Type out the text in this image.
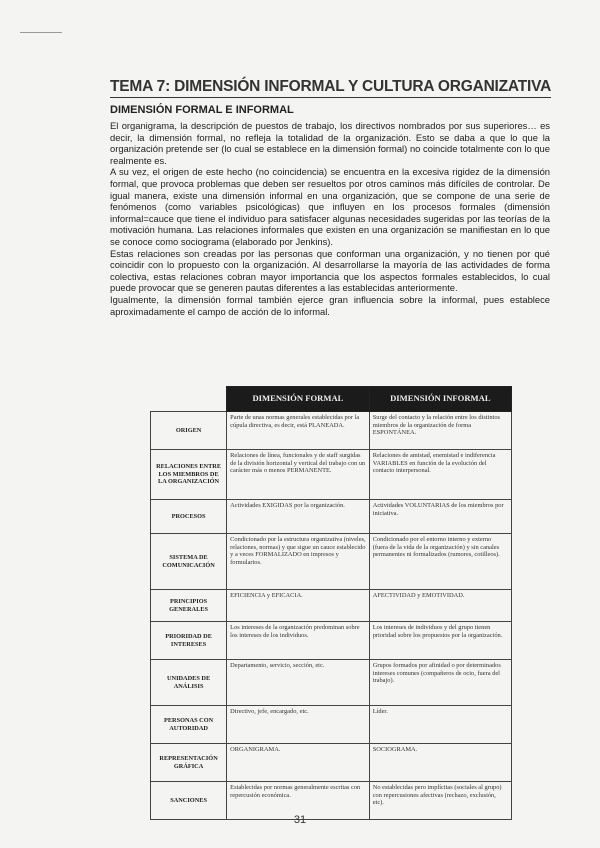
TEMA 7: DIMENSIÓN INFORMAL Y CULTURA ORGANIZATIVA
DIMENSIÓN FORMAL E INFORMAL

El organigrama, la descripción de puestos de trabajo, los directivos nombrados por sus superiores… es decir, la dimensión formal, no refleja la totalidad de la organización. Esto se daba a que lo que la organización pretende ser (lo cual se establece en la dimensión formal) no coincide totalmente con lo que realmente es.

A su vez, el origen de este hecho (no coincidencia) se encuentra en la excesiva rigidez de la dimensión formal, que provoca problemas que deben ser resueltos por otros caminos más difíciles de controlar. De igual manera, existe una dimensión informal en una organización, que se compone de una serie de fenómenos (como variables psicológicas) que influyen en los procesos formales (dimensión informal=cauce que tiene el individuo para satisfacer algunas necesidades sugeridas por las teorías de la motivación humana. Las relaciones informales que existen en una organización se manifiestan en lo que se conoce como sociograma (elaborado por Jenkins).

Estas relaciones son creadas por las personas que conforman una organización, y no tienen por qué coincidir con lo propuesto con la organización. Al desarrollarse la mayoría de las actividades de forma colectiva, estas relaciones cobran mayor importancia que los aspectos formales establecidos, lo cual puede provocar que se generen pautas diferentes a las establecidas anteriormente.

Igualmente, la dimensión formal también ejerce gran influencia sobre la informal, pues establece aproximadamente el campo de acción de lo informal.

	DIMENSIÓN FORMAL	DIMENSIÓN INFORMAL
ORIGEN	Parte de unas normas generales establecidas por la cúpula directiva, es decir, está PLANEADA.	Surge del contacto y la relación entre los distintos miembros de la organización de forma ESPONTÁNEA.
RELACIONES ENTRE LOS MIEMBROS DE LA ORGANIZACIÓN	Relaciones de línea, funcionales y de staff surgidas de la división horizontal y vertical del trabajo con un carácter más o menos PERMANENTE.	Relaciones de amistad, enemistad e indiferencia VARIABLES en función de la evolución del contacto interpersonal.
PROCESOS	Actividades EXIGIDAS por la organización.	Actividades VOLUNTARIAS de los miembros por iniciativa.
SISTEMA DE COMUNICACIÓN	Condicionado por la estructura organizativa (niveles, relaciones, normas) y que sigue un cauce establecido y a veces FORMALIZADO en impresos y formularios.	Condicionado por el entorno interno y externo (fuera de la vida de la organización) y sin canales permanentes ni formalizados (rumores, cotilleos).
PRINCIPIOS GENERALES	EFICIENCIA y EFICACIA.	AFECTIVIDAD y EMOTIVIDAD.
PRIORIDAD DE INTERESES	Los intereses de la organización predominan sobre los intereses de los individuos.	Los intereses de individuos y del grupo tienen prioridad sobre los propuestos por la organización.
UNIDADES DE ANÁLISIS	Departamento, servicio, sección, etc.	Grupos formados por afinidad o por determinados intereses comunes (compañeros de ocio, fuera del trabajo).
PERSONAS CON AUTORIDAD	Directivo, jefe, encargado, etc.	Líder.
REPRESENTACIÓN GRÁFICA	ORGANIGRAMA.	SOCIOGRAMA.
SANCIONES	Establecidas por normas generalmente escritas con repercusión económica.	No establecidas pero implícitas (sociales al grupo) con repercusiones afectivas (rechazo, exclusión, etc).
31
